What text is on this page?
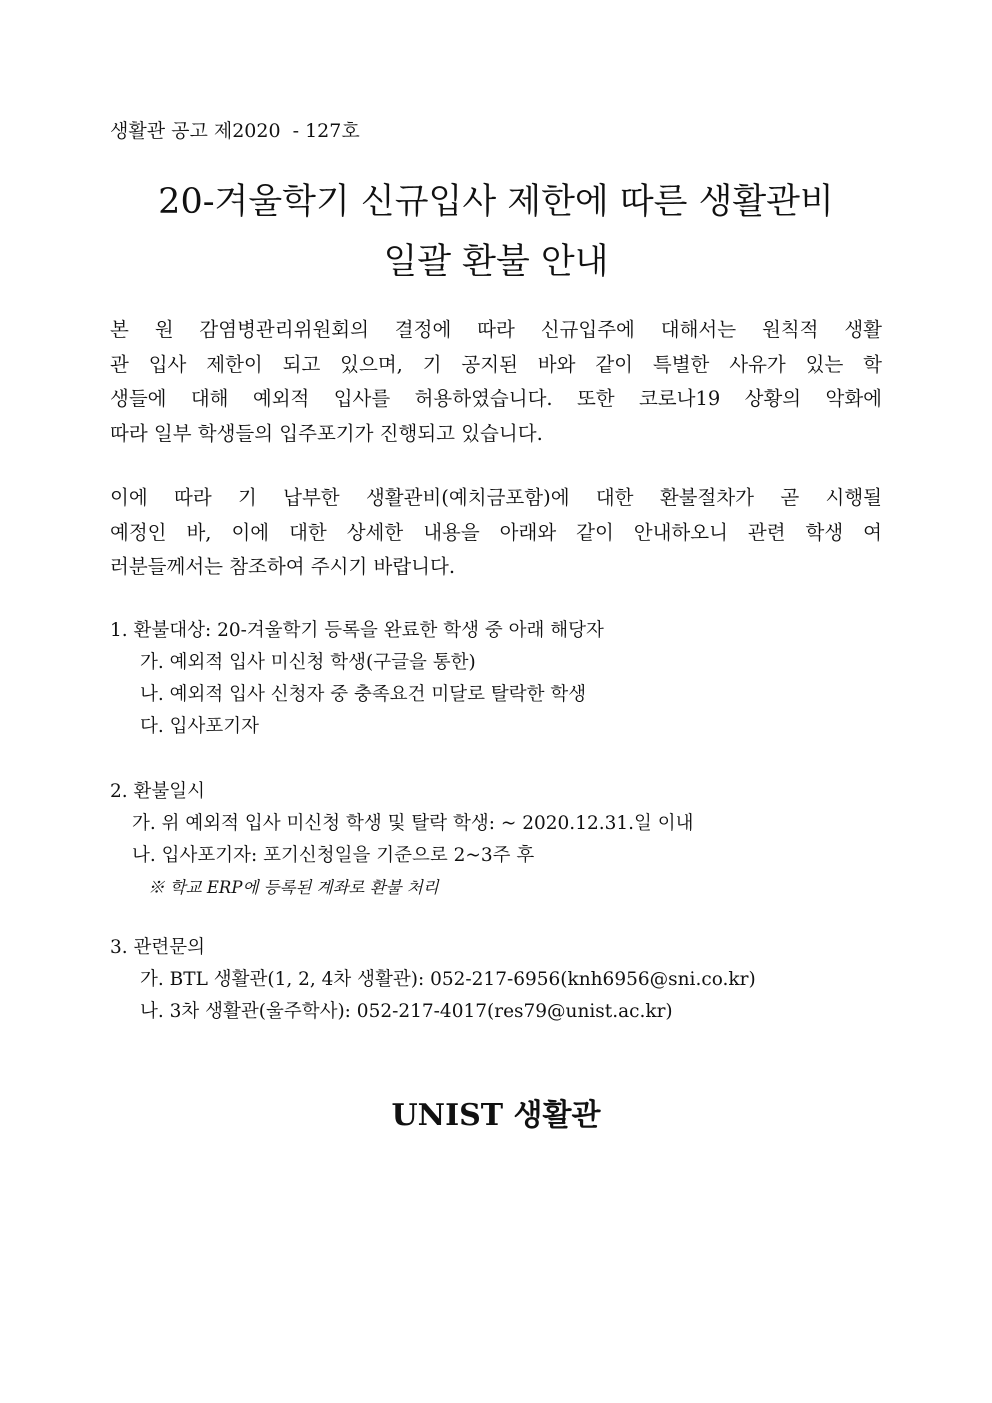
생활관 공고 제2020  - 127호
20-겨울학기 신규입사 제한에 따른 생활관비
일괄 환불 안내
본 원 감염병관리위원회의 결정에 따라 신규입주에 대해서는 원칙적 생활
관 입사 제한이 되고 있으며, 기 공지된 바와 같이 특별한 사유가 있는 학
생들에 대해 예외적 입사를 허용하였습니다. 또한 코로나19 상황의 악화에
따라 일부 학생들의 입주포기가 진행되고 있습니다.
이에 따라 기 납부한 생활관비(예치금포함)에 대한 환불절차가 곧 시행될
예정인 바, 이에 대한 상세한 내용을 아래와 같이 안내하오니 관련 학생 여
러분들께서는 참조하여 주시기 바랍니다.
1. 환불대상: 20-겨울학기 등록을 완료한 학생 중 아래 해당자
가. 예외적 입사 미신청 학생(구글을 통한)
나. 예외적 입사 신청자 중 충족요건 미달로 탈락한 학생
다. 입사포기자
2. 환불일시
가. 위 예외적 입사 미신청 학생 및 탈락 학생: ~ 2020.12.31.일 이내
나. 입사포기자: 포기신청일을 기준으로 2~3주 후
※ 학교 ERP에 등록된 계좌로 환불 처리
3. 관련문의
가. BTL 생활관(1, 2, 4차 생활관): 052-217-6956(knh6956@sni.co.kr)
나. 3차 생활관(울주학사): 052-217-4017(res79@unist.ac.kr)
UNIST 생활관
